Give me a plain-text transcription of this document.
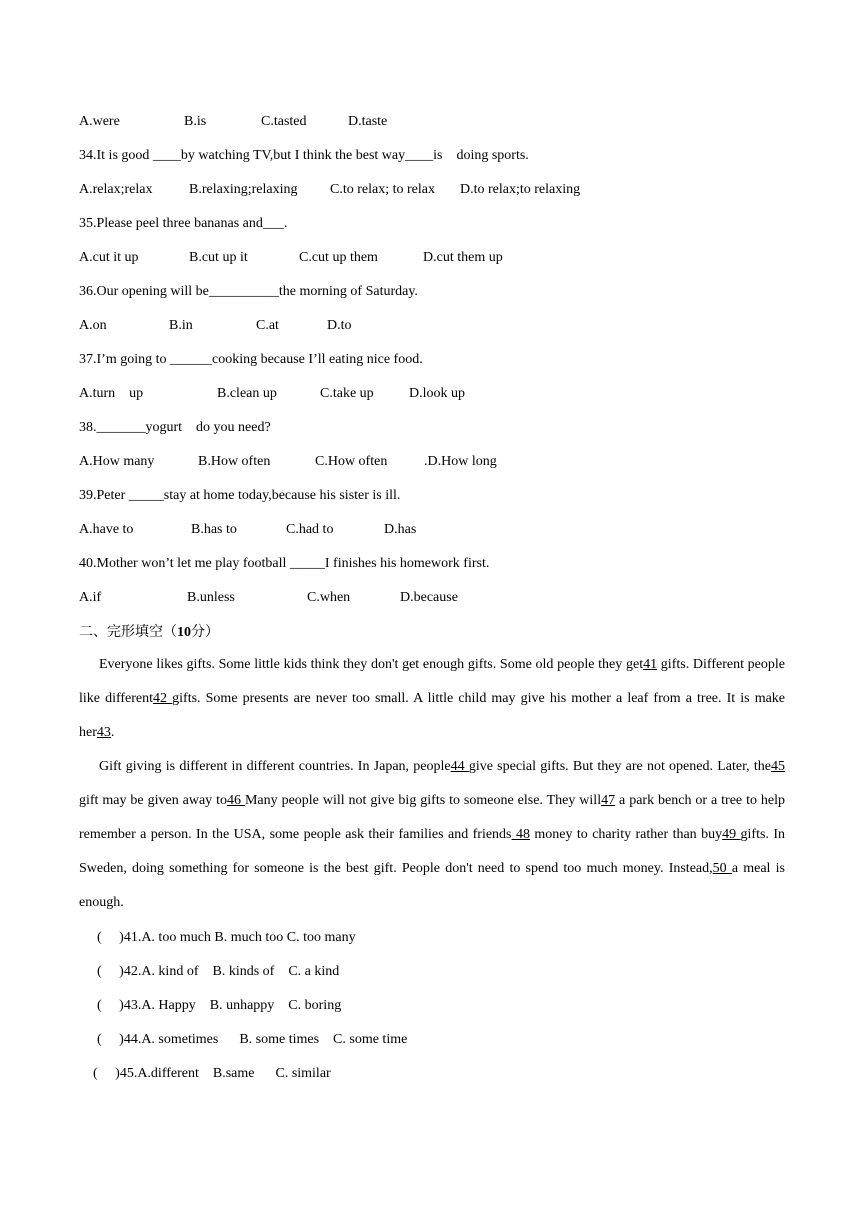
A.were

	B.is

	C.tasted

	D.taste

34.It is good ____by watching TV,but I think the best way____is    doing sports.

A.relax;relax

	B.relaxing;relaxing

C.to relax; to relax

D.to relax;to relaxing

35.Please peel three bananas and___.

A.cut it up

	B.cut up it

	C.cut up them

	D.cut them up

36.Our opening will be__________the morning of Saturday.

A.on

	B.in

	C.at

	D.to

37.I’m going to ______cooking because I’ll eating nice food.

A.turn    up

	B.clean up

	C.take up

	D.look up

38._______yogurt    do you need?

A.How many

	B.How often

	C.How often

	.D.How long

39.Peter _____stay at home today,because his sister is ill.

A.have to

	B.has to

	C.had to

	D.has

40.Mother won’t let me play football _____I finishes his homework first.

A.if

	B.unless

	C.when

	D.because

二、完形填空（10分）
Everyone likes gifts. Some little kids think they don't get enough gifts. Some old people they get41 gifts. Different people like different42 gifts. Some presents are never too small. A little child may give his mother a leaf from a tree. It is make her43.
Gift giving is different in different countries. In Japan, people44 give special gifts. But they are not opened. Later, the45 gift may be given away to46 Many people will not give big gifts to someone else. They will47 a park bench or a tree to help remember a person. In the USA, some people ask their families and friends 48 money to charity rather than buy49 gifts. In Sweden, doing something for someone is the best gift. People don't need to spend too much money. Instead,50 a meal is enough.
(     )41.A. too much B. much too C. too many
(     )42.A. kind of    B. kinds of    C. a kind
(     )43.A. Happy    B. unhappy    C. boring
(     )44.A. sometimes      B. some times    C. some time
(     )45.A.different    B.same      C. similar
